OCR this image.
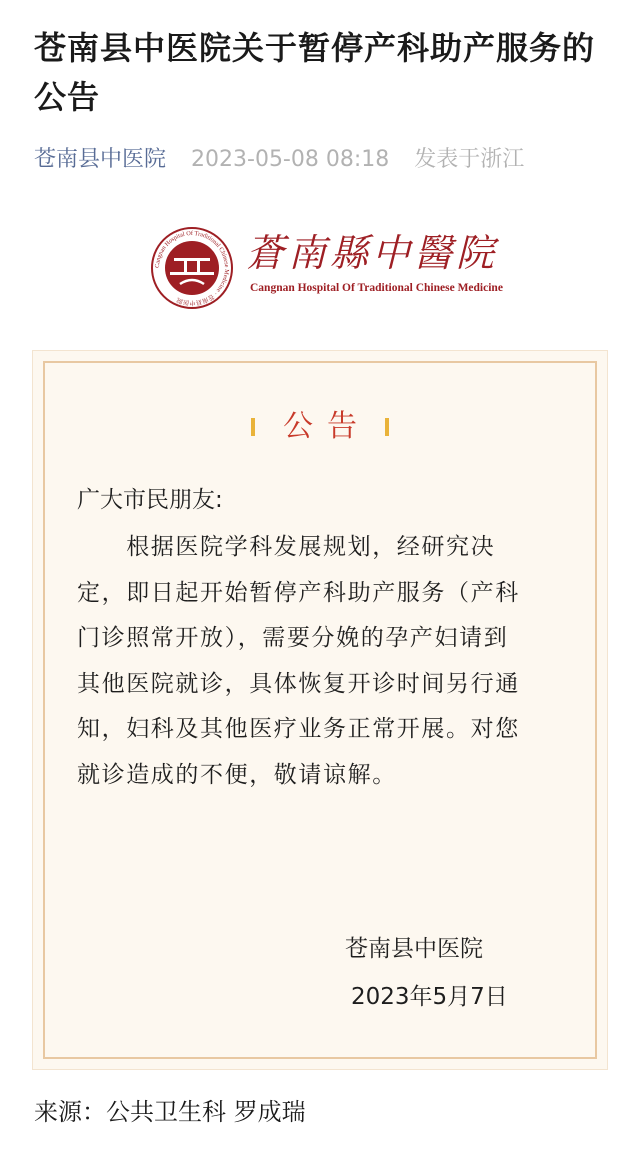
苍南县中医院关于暂停产科助产服务的公告
苍南县中医院 2023-05-08 08:18 发表于浙江
Cangnan Hospital Of Traditional Chinese Medicine · 苍南县中医院
蒼南縣中醫院
Cangnan Hospital Of Traditional Chinese Medicine
公告
广大市民朋友:
　　根据医院学科发展规划，经研究决
定，即日起开始暂停产科助产服务（产科
门诊照常开放），需要分娩的孕产妇请到
其他医院就诊，具体恢复开诊时间另行通
知，妇科及其他医疗业务正常开展。对您
就诊造成的不便，敬请谅解。
苍南县中医院
2023年5月7日
来源：公共卫生科 罗成瑞
